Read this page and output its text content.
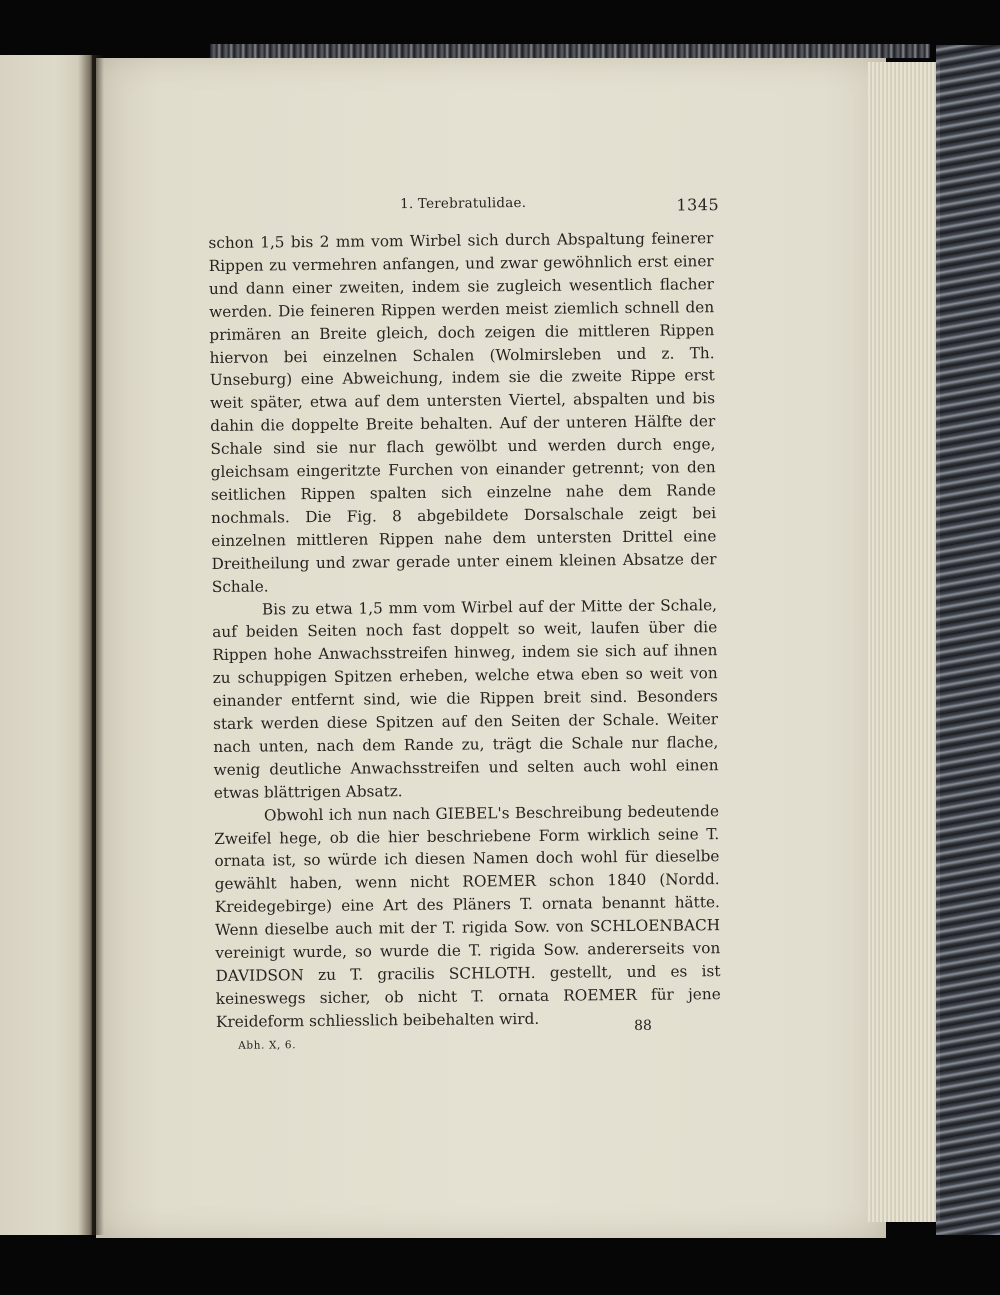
1. Terebratulidae.	1345

schon 1,5 bis 2 mm vom Wirbel sich durch Abspaltung feinerer Rippen zu vermehren anfangen, und zwar gewöhnlich erst einer und dann einer zweiten, indem sie zugleich wesentlich flacher werden. Die feineren Rippen werden meist ziemlich schnell den primären an Breite gleich, doch zeigen die mittleren Rippen hiervon bei einzelnen Schalen (Wolmirsleben und z. Th. Unseburg) eine Abweichung, indem sie die zweite Rippe erst weit später, etwa auf dem untersten Viertel, abspalten und bis dahin die doppelte Breite behalten. Auf der unteren Hälfte der Schale sind sie nur flach gewölbt und werden durch enge, gleichsam eingeritzte Furchen von einander getrennt; von den seitlichen Rippen spalten sich einzelne nahe dem Rande nochmals. Die Fig. 8 abgebildete Dorsalschale zeigt bei einzelnen mittleren Rippen nahe dem untersten Drittel eine Dreitheilung und zwar gerade unter einem kleinen Absatze der Schale.

Bis zu etwa 1,5 mm vom Wirbel auf der Mitte der Schale, auf beiden Seiten noch fast doppelt so weit, laufen über die Rippen hohe Anwachsstreifen hinweg, indem sie sich auf ihnen zu schuppigen Spitzen erheben, welche etwa eben so weit von einander entfernt sind, wie die Rippen breit sind. Besonders stark werden diese Spitzen auf den Seiten der Schale. Weiter nach unten, nach dem Rande zu, trägt die Schale nur flache, wenig deutliche Anwachsstreifen und selten auch wohl einen etwas blättrigen Absatz.

Obwohl ich nun nach GIEBEL's Beschreibung bedeutende Zweifel hege, ob die hier beschriebene Form wirklich seine T. ornata ist, so würde ich diesen Namen doch wohl für dieselbe gewählt haben, wenn nicht ROEMER schon 1840 (Nordd. Kreidegebirge) eine Art des Pläners T. ornata benannt hätte. Wenn dieselbe auch mit der T. rigida Sow. von SCHLOENBACH vereinigt wurde, so wurde die T. rigida Sow. andererseits von DAVIDSON zu T. gracilis SCHLOTH. gestellt, und es ist keineswegs sicher, ob nicht T. ornata ROEMER für jene Kreideform schliesslich beibehalten wird.	88
Abh. X, 6.
